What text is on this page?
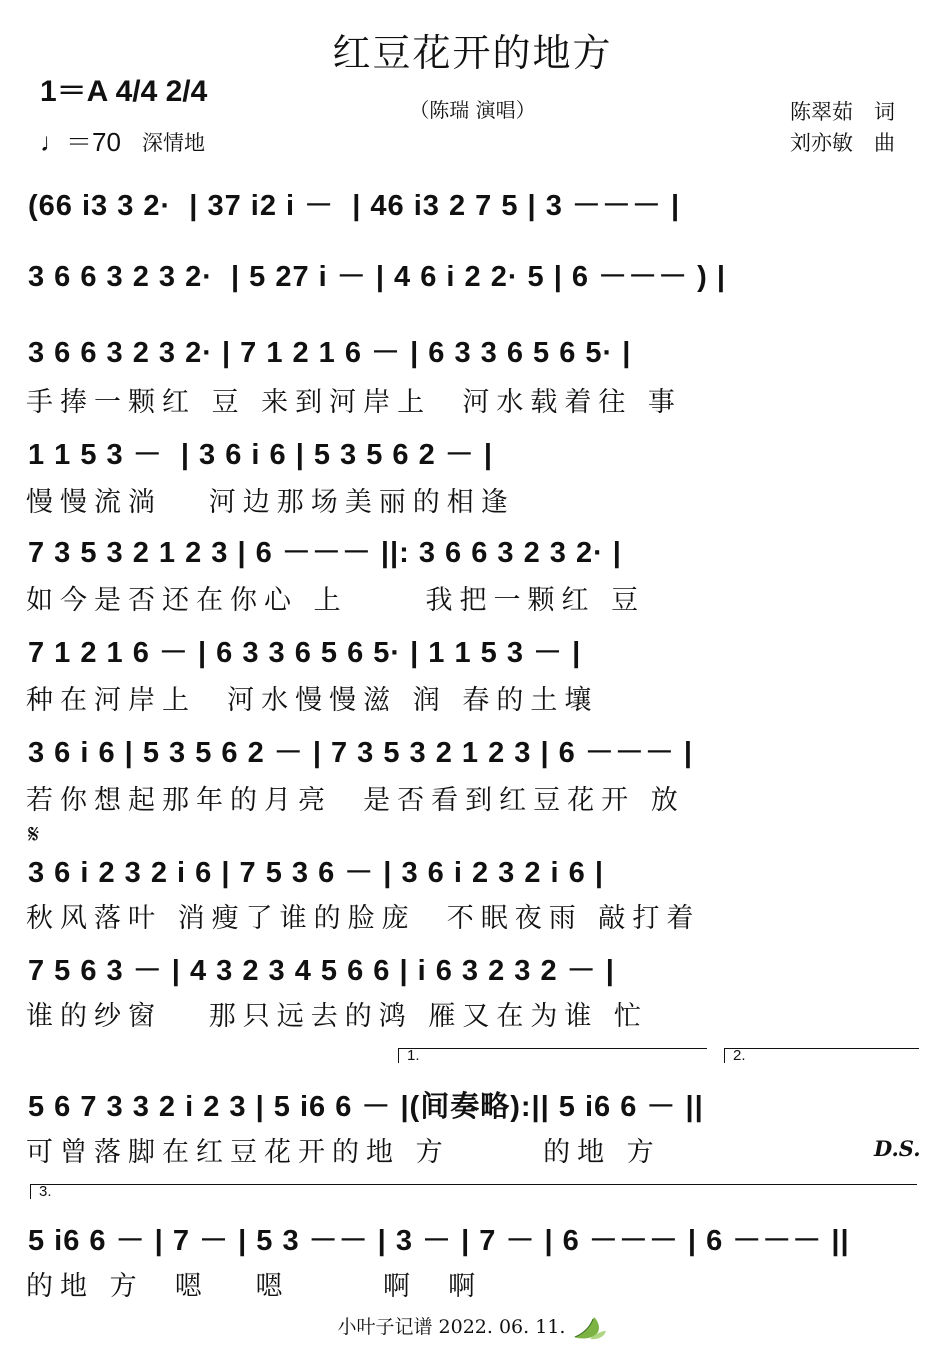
红豆花开的地方
（陈瑞 演唱）
1＝A 4/4 2/4
♩＝70 深情地
陈翠茹　词
刘亦敏　曲
(66 i3 3 2·  | 37 i2 i －  | 46 i3 2 7 5 | 3 －－－ |
3 6 6 3 2 3 2·  | 5 27 i － | 4 6 i 2 2· 5 | 6 －－－ ) |
3 6 6 3 2 3 2· | 7 1 2 1 6 － | 6 3 3 6 5 6 5· |
手捧一颗红 豆 来到河岸上  河水载着往 事
1 1 5 3 －  | 3 6 i 6 | 5 3 5 6 2 － |
慢慢流淌   河边那场美丽的相逢
7 3 5 3 2 1 2 3 | 6 －－－ ||: 3 6 6 3 2 3 2· |
如今是否还在你心 上     我把一颗红 豆
7 1 2 1 6 － | 6 3 3 6 5 6 5· | 1 1 5 3 － |
种在河岸上  河水慢慢滋 润 春的土壤
3 6 i 6 | 5 3 5 6 2 － | 7 3 5 3 2 1 2 3 | 6 －－－ |
若你想起那年的月亮  是否看到红豆花开 放
𝄋
3 6 i 2 3 2 i 6 | 7 5 3 6 － | 3 6 i 2 3 2 i 6 |
秋风落叶 消瘦了谁的脸庞  不眠夜雨 敲打着
7 5 6 3 － | 4 3 2 3 4 5 6 6 | i 6 3 2 3 2 － |
谁的纱窗   那只远去的鸿 雁又在为谁 忙
1.	2.
5 6 7 3 3 2 i 2 3 | 5 i6 6 － |(间奏略):|| 5 i6 6 － ||
可曾落脚在红豆花开的地 方      的地 方	D.S.
3.
5 i6 6 － | 7 － | 5 3 －－ | 3 － | 7 － | 6 －－－ | 6 －－－ ||
的地 方  嗯   嗯      啊  啊
小叶子记谱 2022. 06. 11.
